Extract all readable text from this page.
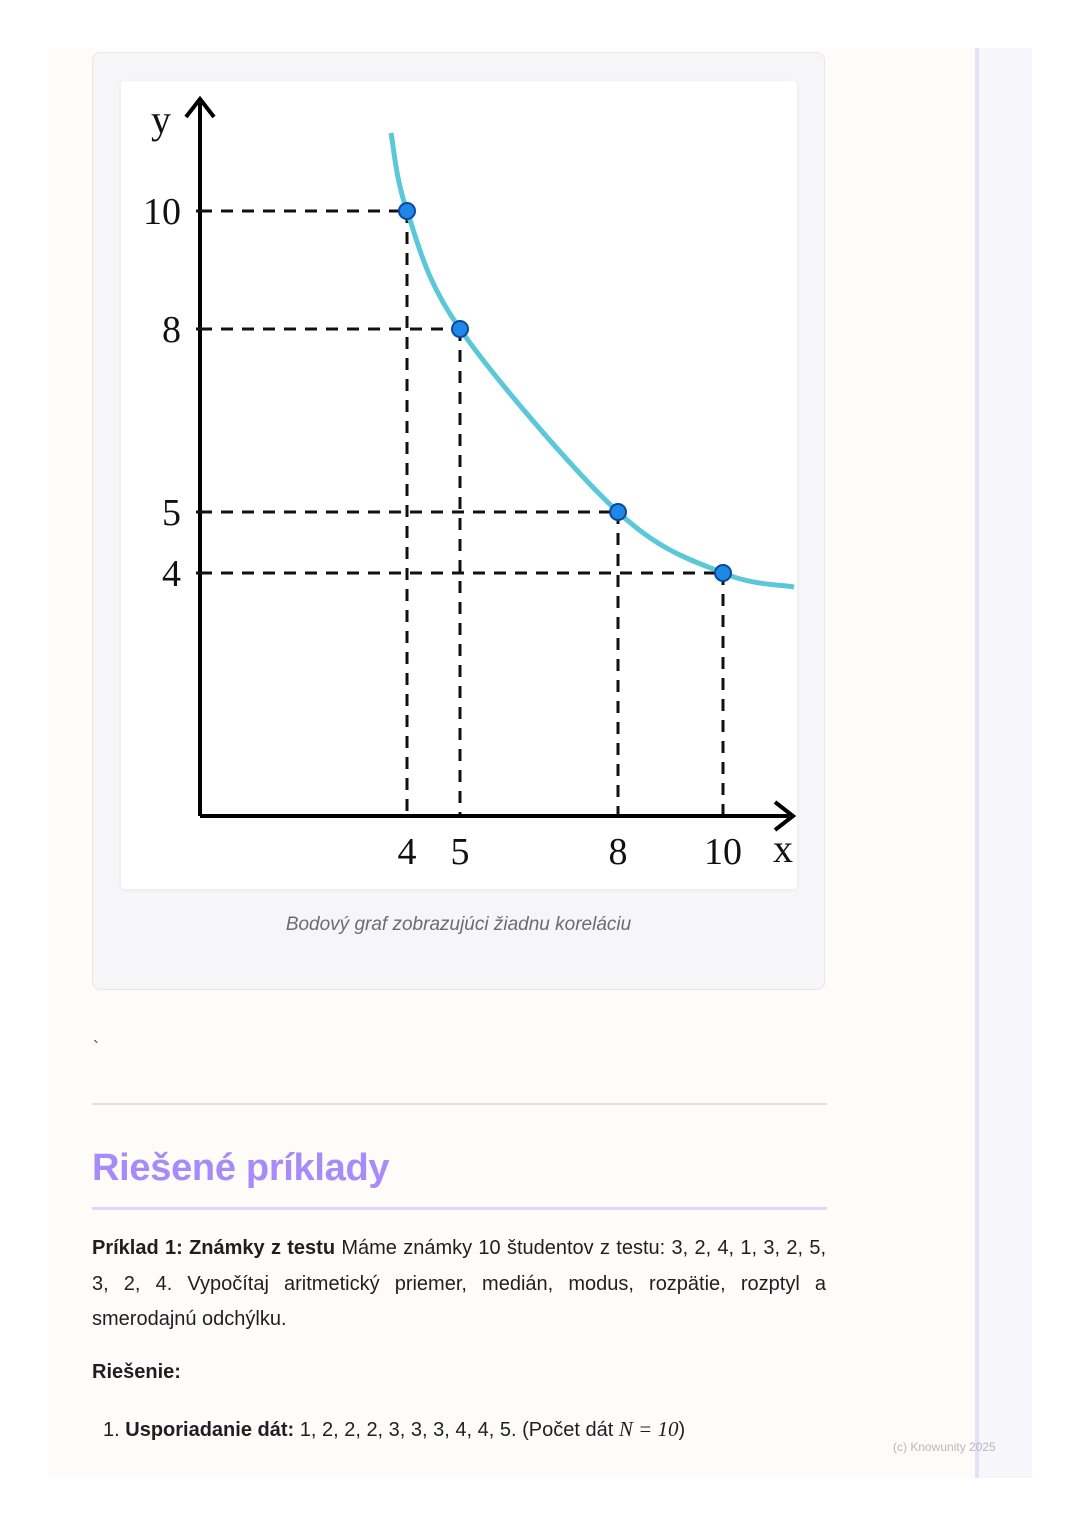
4 5	8 10
4
5
8
10
x
y
Bodový graf zobrazujúci žiadnu koreláciu
`
Riešené príklady
Príklad 1: Známky z testu Máme známky 10 študentov z testu: 3, 2, 4, 1, 3, 2, 5, 3, 2, 4. Vypočítaj aritmetický priemer, medián, modus, rozpätie, rozptyl a smerodajnú odchýlku.
Riešenie:
1. Usporiadanie dát: 1, 2, 2, 2, 3, 3, 3, 4, 4, 5. (Počet dát N = 10)
(c) Knowunity 2025
